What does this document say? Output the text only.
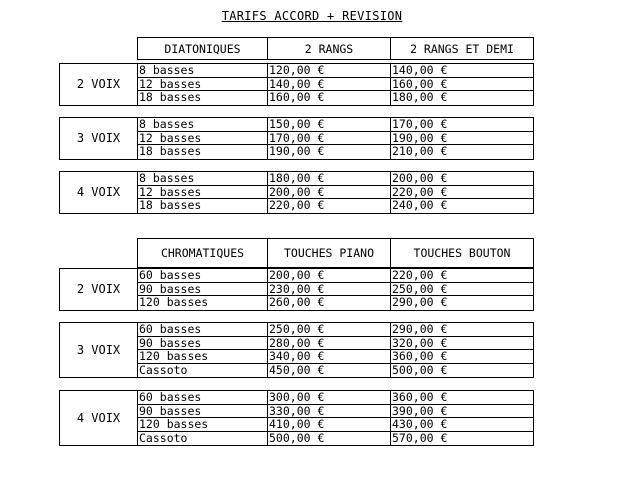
TARIFS ACCORD + REVISION
DIATONIQUES	2 RANGS	2 RANGS ET DEMI
2 VOIX
8 basses	120,00 €	140,00 €
12 basses	140,00 €	160,00 €
18 basses	160,00 €	180,00 €
3 VOIX
8 basses	150,00 €	170,00 €
12 basses	170,00 €	190,00 €
18 basses	190,00 €	210,00 €
4 VOIX
8 basses	180,00 €	200,00 €
12 basses	200,00 €	220,00 €
18 basses	220,00 €	240,00 €
CHROMATIQUES	TOUCHES PIANO	TOUCHES BOUTON
2 VOIX
60 basses	200,00 €	220,00 €
90 basses	230,00 €	250,00 €
120 basses	260,00 €	290,00 €
3 VOIX
60 basses	250,00 €	290,00 €
90 basses	280,00 €	320,00 €
120 basses	340,00 €	360,00 €
Cassoto	450,00 €	500,00 €
4 VOIX
60 basses	300,00 €	360,00 €
90 basses	330,00 €	390,00 €
120 basses	410,00 €	430,00 €
Cassoto	500,00 €	570,00 €
